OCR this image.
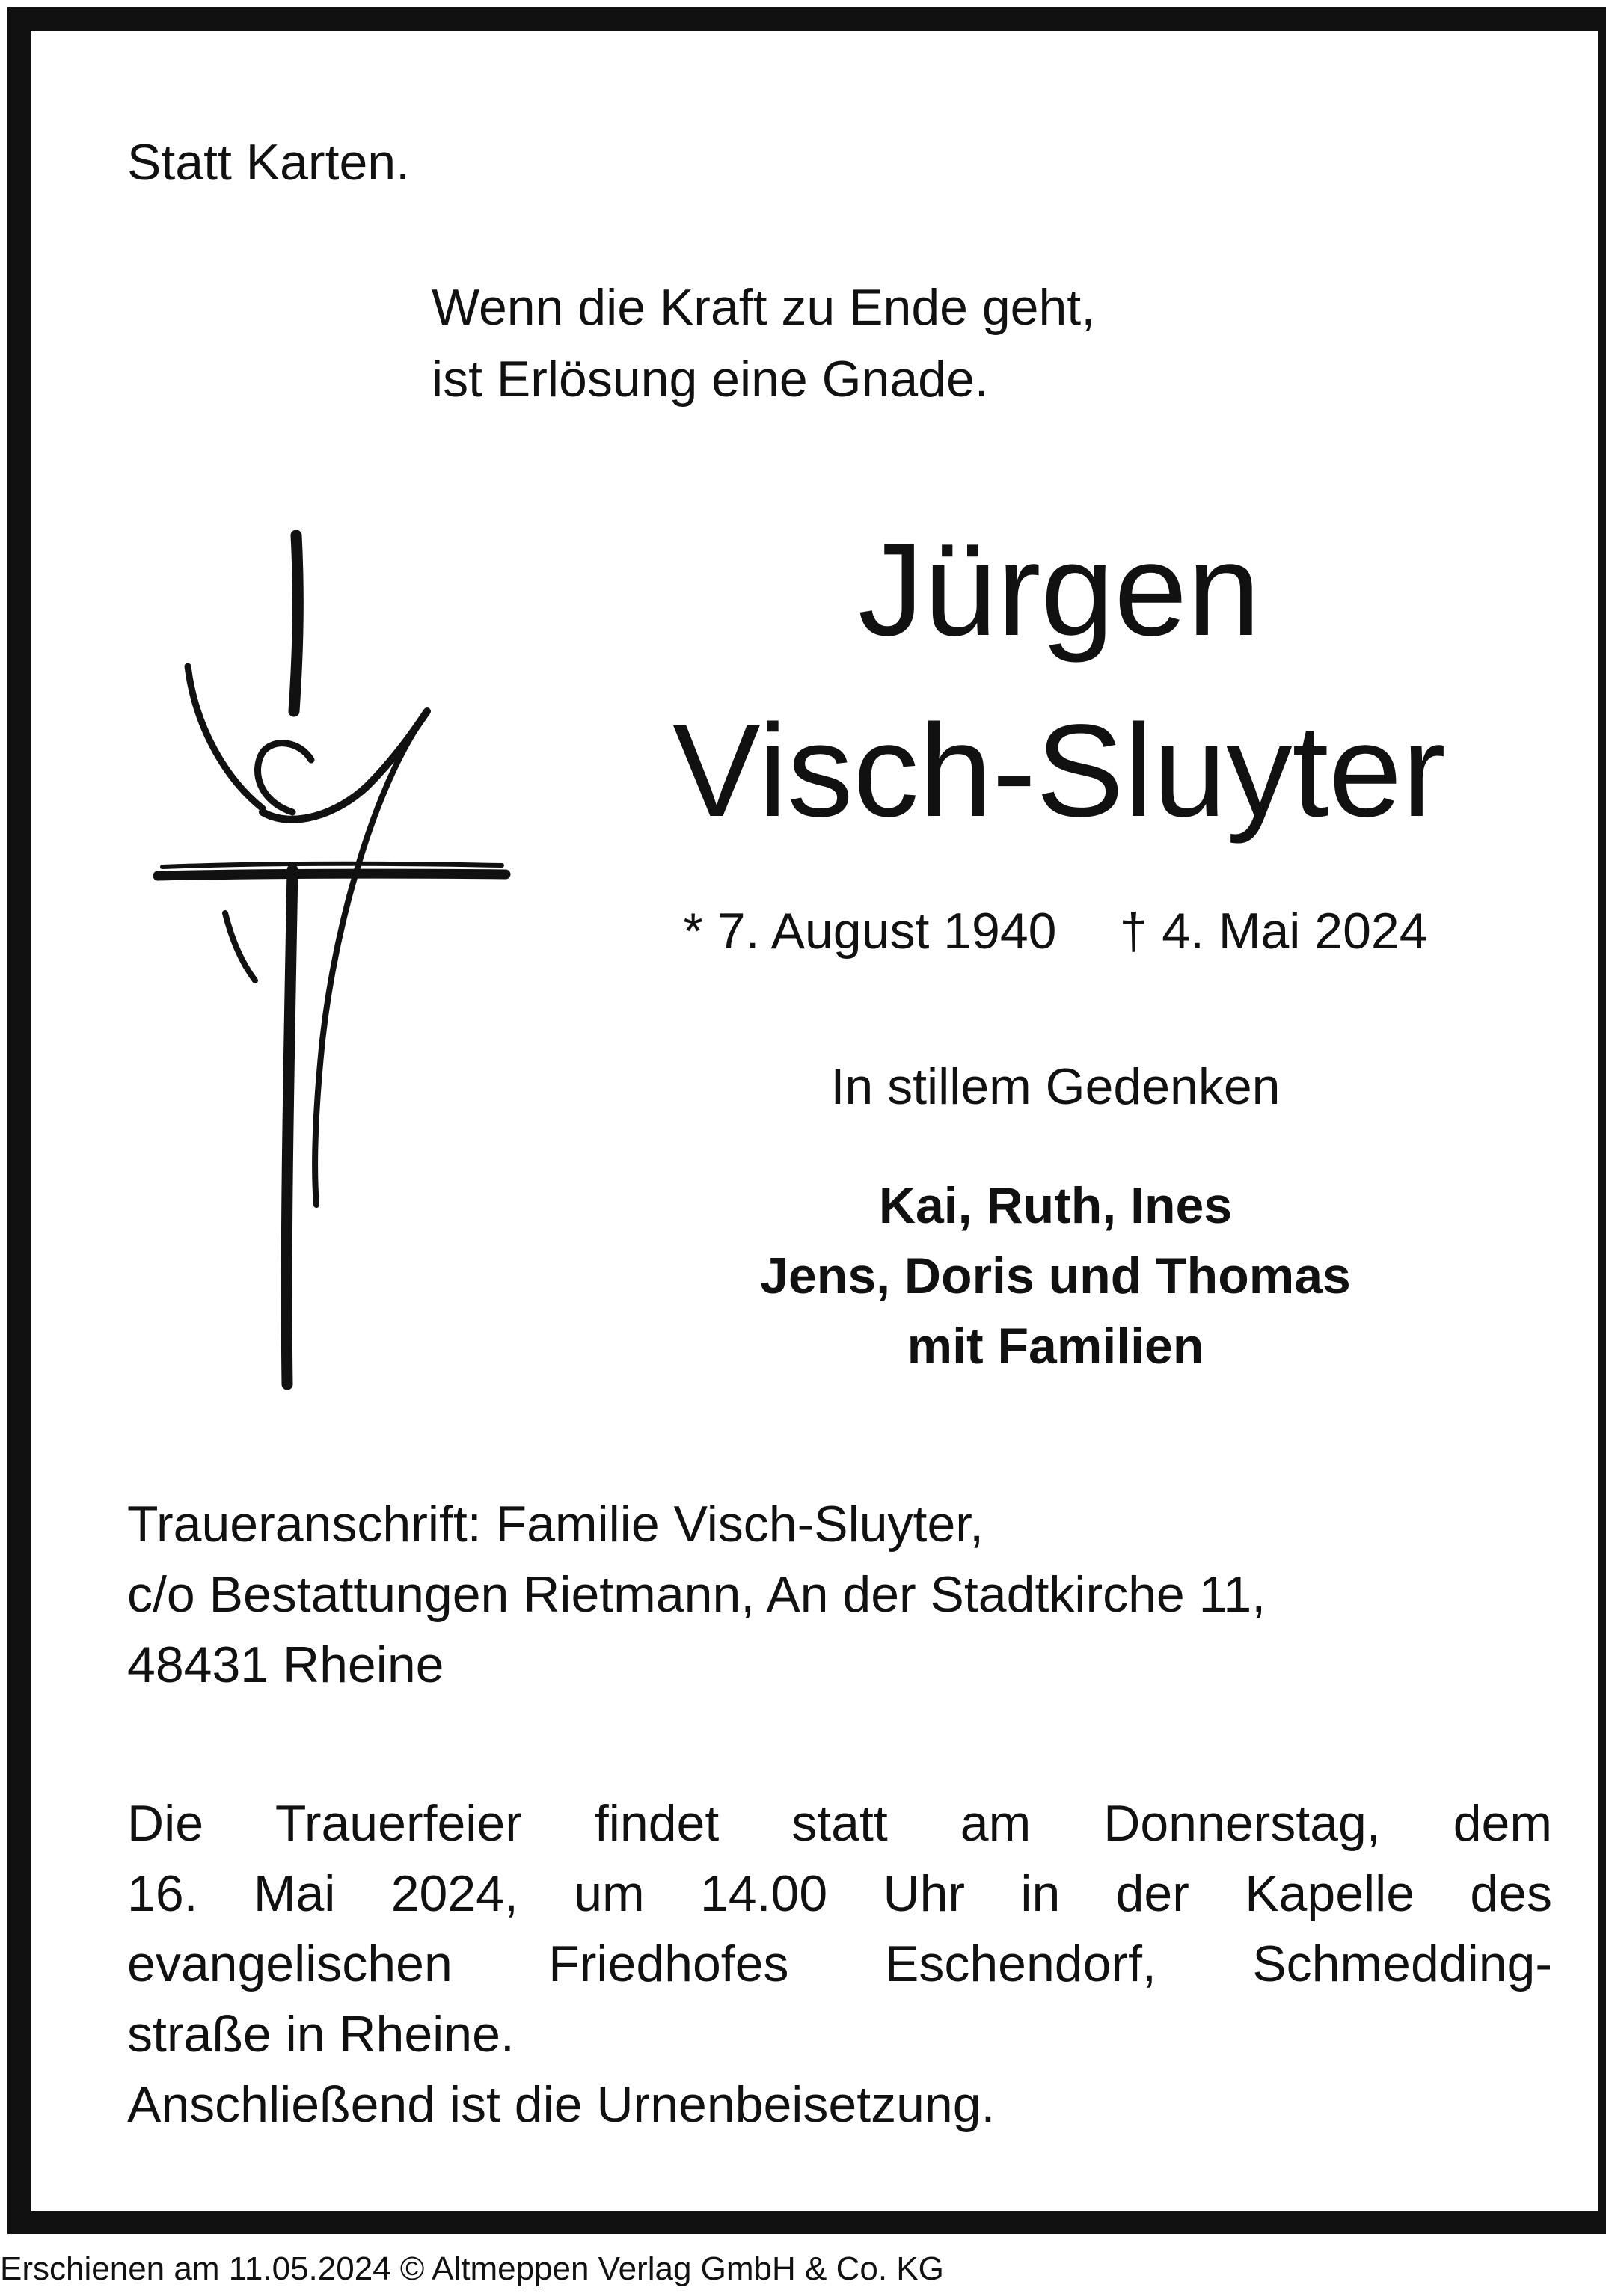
Statt Karten.

Wenn die Kraft zu Ende geht,
ist Erlösung eine Gnade.

Jürgen

Visch-Sluyter

* 7. August 1940 † 4. Mai 2024

In stillem Gedenken

Kai, Ruth, Ines
Jens, Doris und Thomas
mit Familien
Traueranschrift: Familie Visch-Sluyter,
c/o Bestattungen Rietmann, An der Stadtkirche 11,
48431 Rheine
Die Trauerfeier findet statt am Donnerstag, dem
16. Mai 2024, um 14.00 Uhr in der Kapelle des
evangelischen Friedhofes Eschendorf, Schmedding-
straße in Rheine.
Anschließend ist die Urnenbeisetzung.

Erschienen am 11.05.2024 © Altmeppen Verlag GmbH & Co. KG
